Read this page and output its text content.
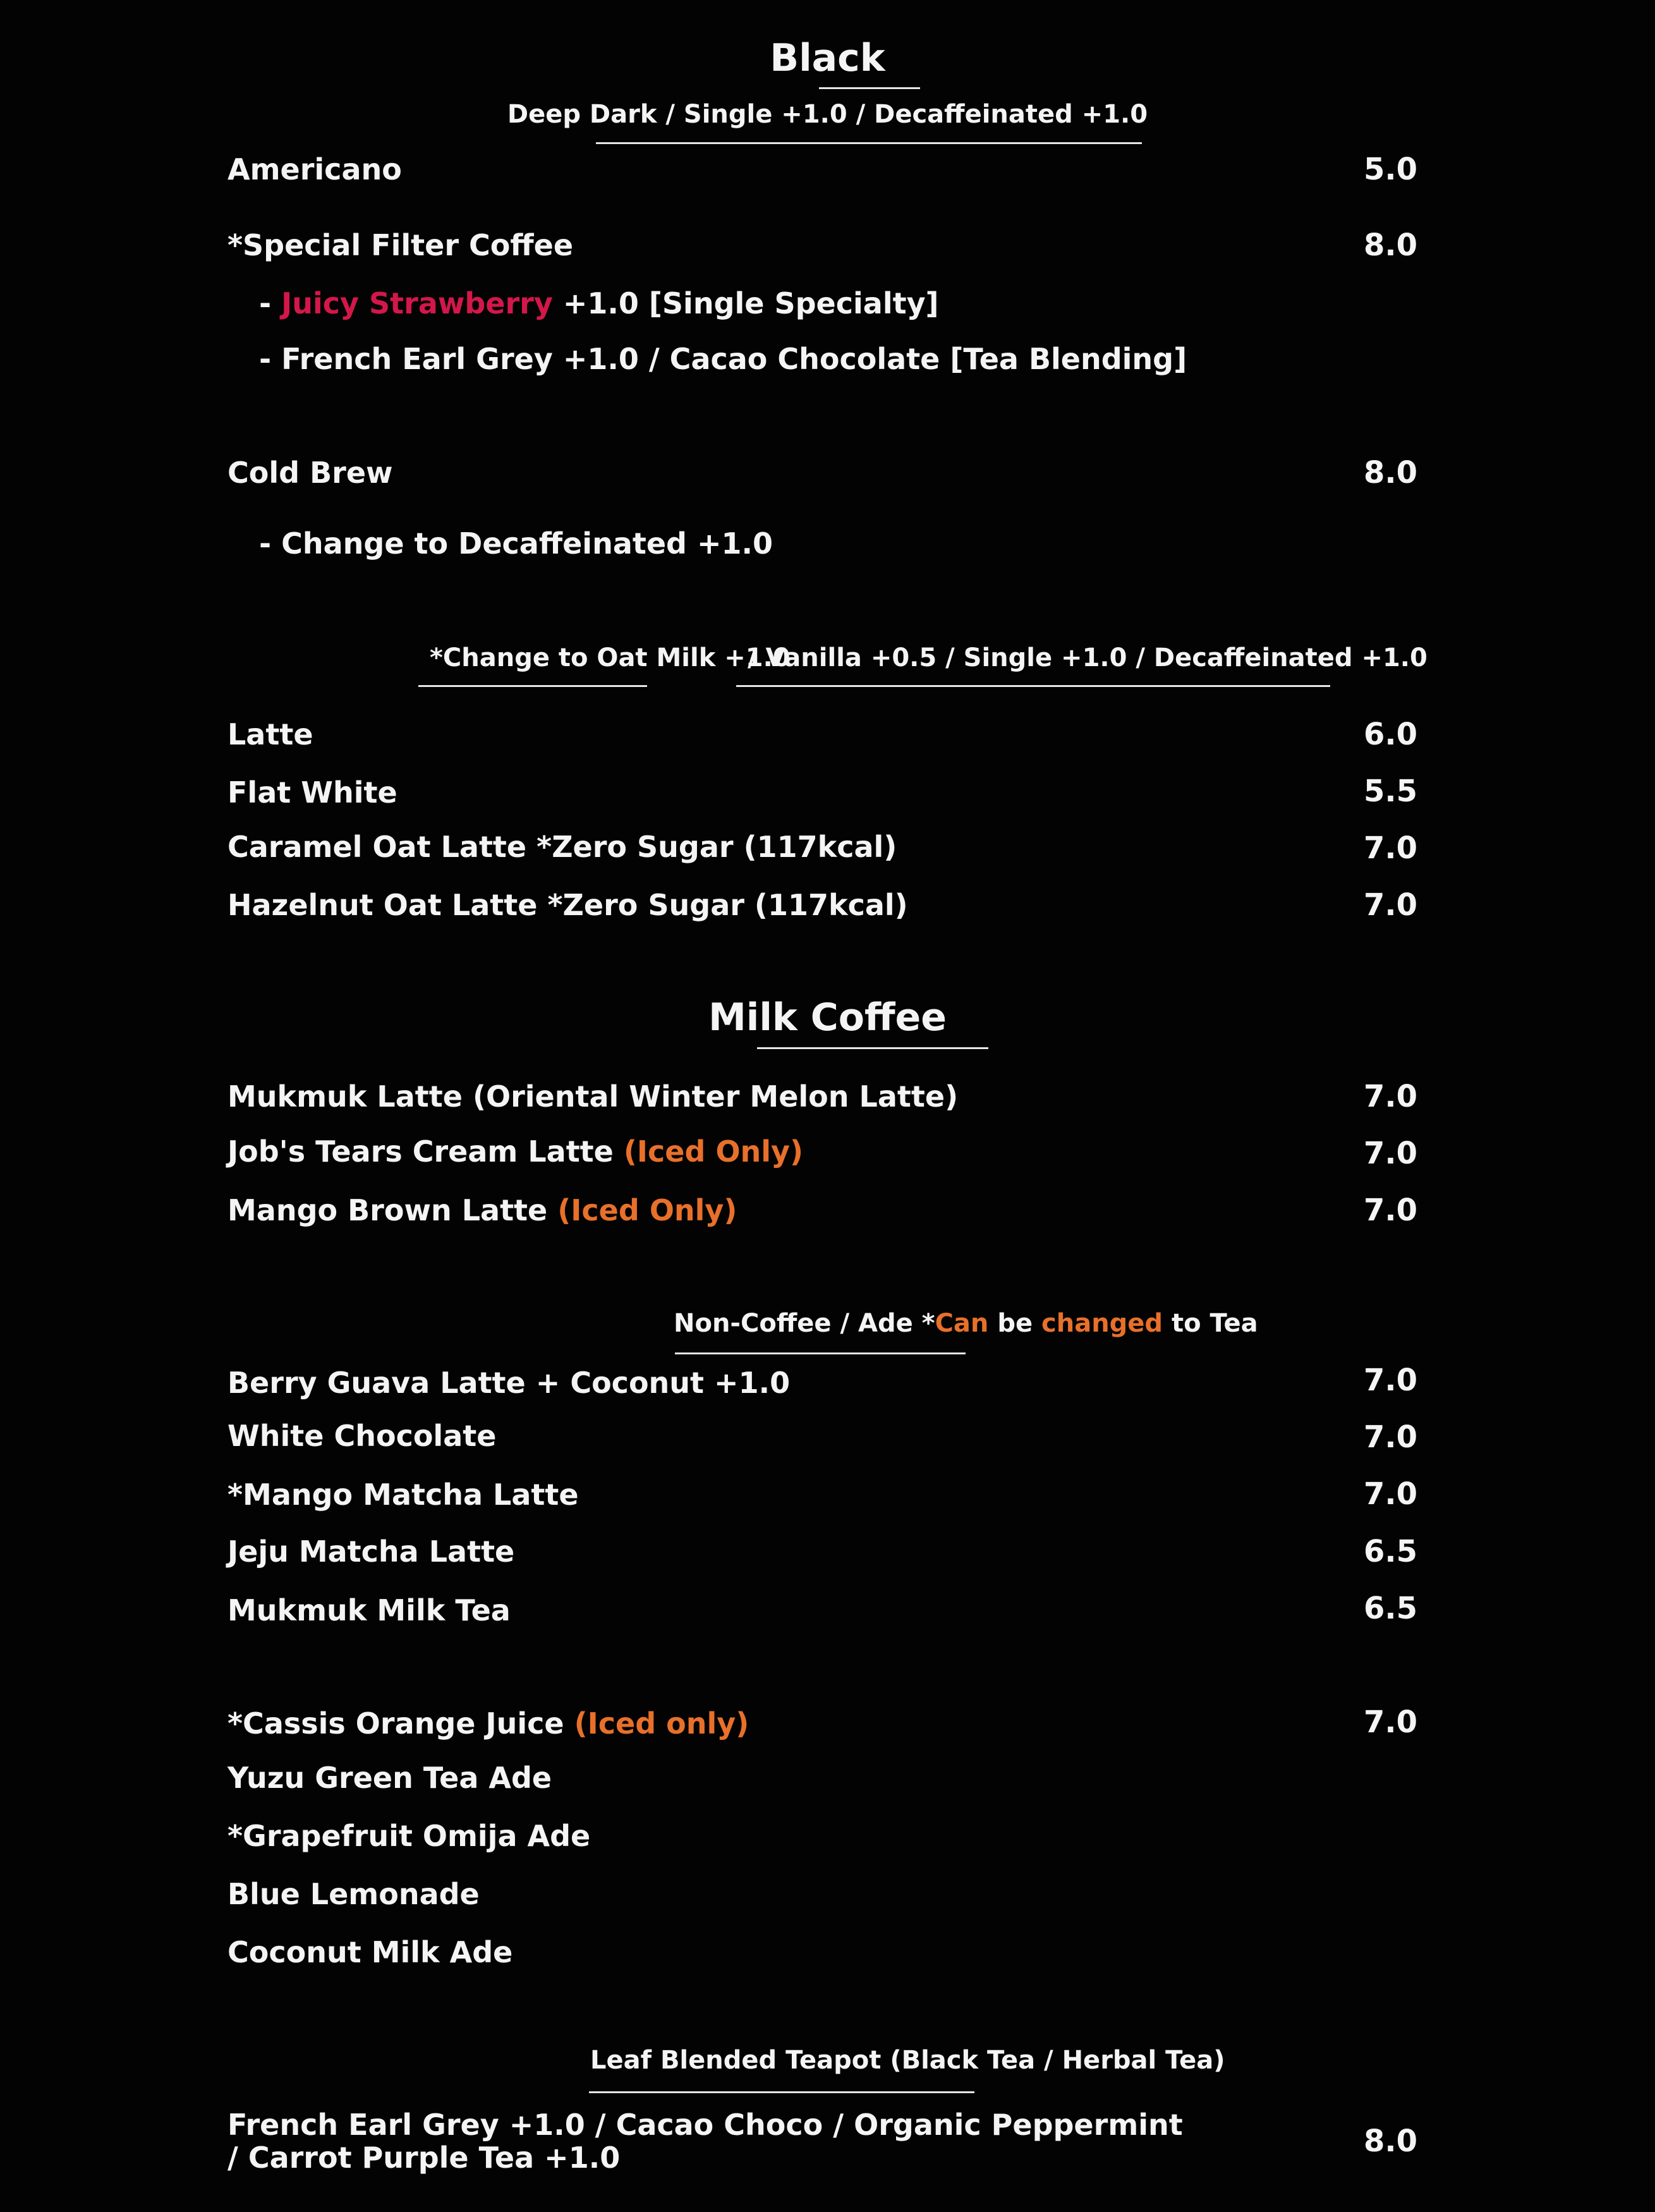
Black
Deep Dark / Single +1.0 / Decaffeinated +1.0
Americano	5.0
*Special Filter Coffee	8.0
- Juicy Strawberry +1.0 [Single Specialty]
- French Earl Grey +1.0 / Cacao Chocolate [Tea Blending]
Cold Brew	8.0
- Change to Decaffeinated +1.0
*Change to Oat Milk +1.0
/ Vanilla +0.5 / Single +1.0 / Decaffeinated +1.0
Latte	6.0
Flat White	5.5
Caramel Oat Latte *Zero Sugar (117kcal)	7.0
Hazelnut Oat Latte *Zero Sugar (117kcal)	7.0
Milk Coffee
Mukmuk Latte (Oriental Winter Melon Latte)	7.0
Job's Tears Cream Latte (Iced Only)	7.0
Mango Brown Latte (Iced Only)	7.0
Non-Coffee / Ade *Can be changed to Tea
Berry Guava Latte + Coconut +1.0	7.0
White Chocolate	7.0
*Mango Matcha Latte	7.0
Jeju Matcha Latte	6.5
Mukmuk Milk Tea	6.5
*Cassis Orange Juice (Iced only)	7.0
Yuzu Green Tea Ade
*Grapefruit Omija Ade
Blue Lemonade
Coconut Milk Ade
Leaf Blended Teapot (Black Tea / Herbal Tea)
French Earl Grey +1.0 / Cacao Choco / Organic Peppermint
/ Carrot Purple Tea +1.0	8.0
